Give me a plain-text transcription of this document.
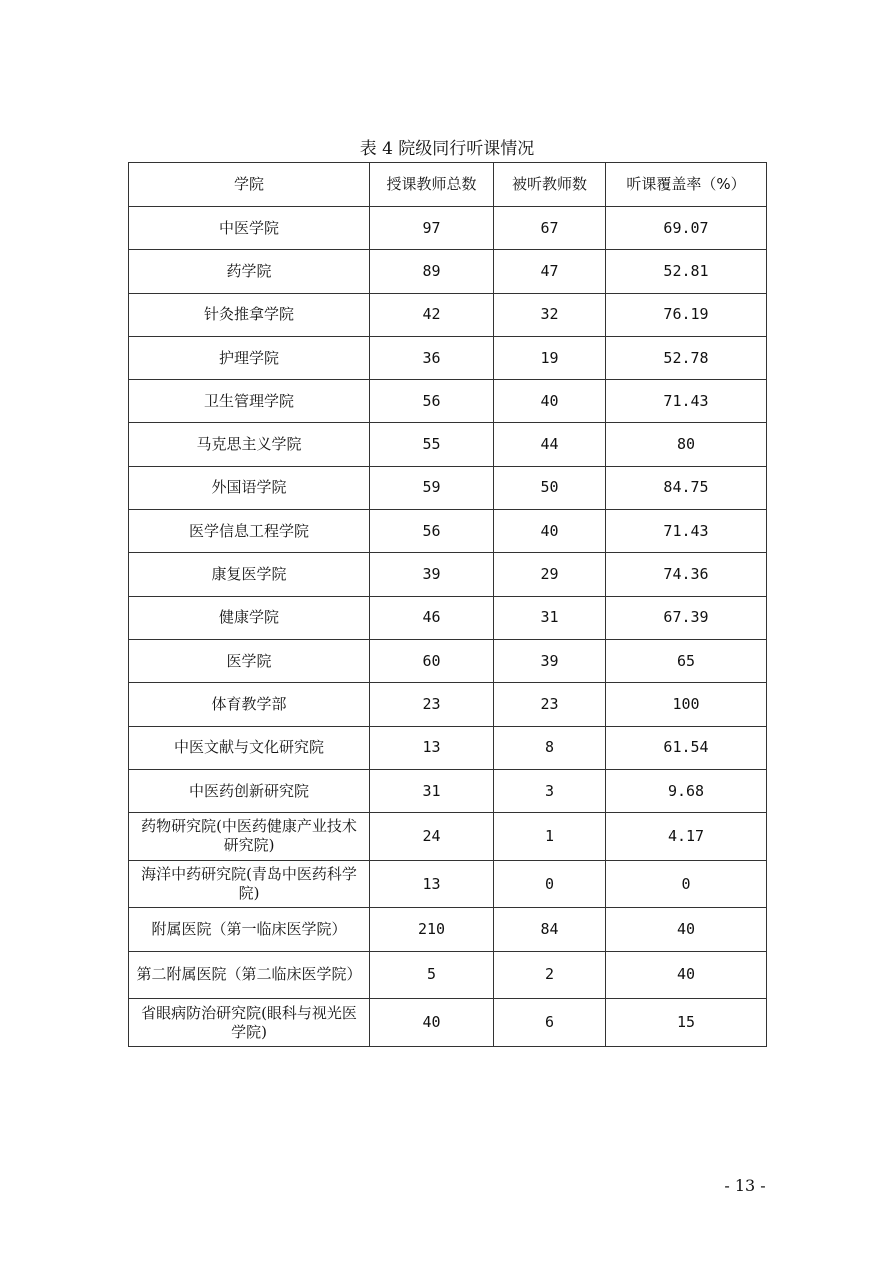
表 4 院级同行听课情况
学院	授课教师总数	被听教师数	听课覆盖率（%）
中医学院	97	67	69.07
药学院	89	47	52.81
针灸推拿学院	42	32	76.19
护理学院	36	19	52.78
卫生管理学院	56	40	71.43
马克思主义学院	55	44	80
外国语学院	59	50	84.75
医学信息工程学院	56	40	71.43
康复医学院	39	29	74.36
健康学院	46	31	67.39
医学院	60	39	65
体育教学部	23	23	100
中医文献与文化研究院	13	8	61.54
中医药创新研究院	31	3	9.68
药物研究院(中医药健康产业技术研究院)	24	1	4.17
海洋中药研究院(青岛中医药科学院)	13	0	0
附属医院（第一临床医学院）	210	84	40
第二附属医院（第二临床医学院）	5	2	40
省眼病防治研究院(眼科与视光医学院)	40	6	15
- 13 -
